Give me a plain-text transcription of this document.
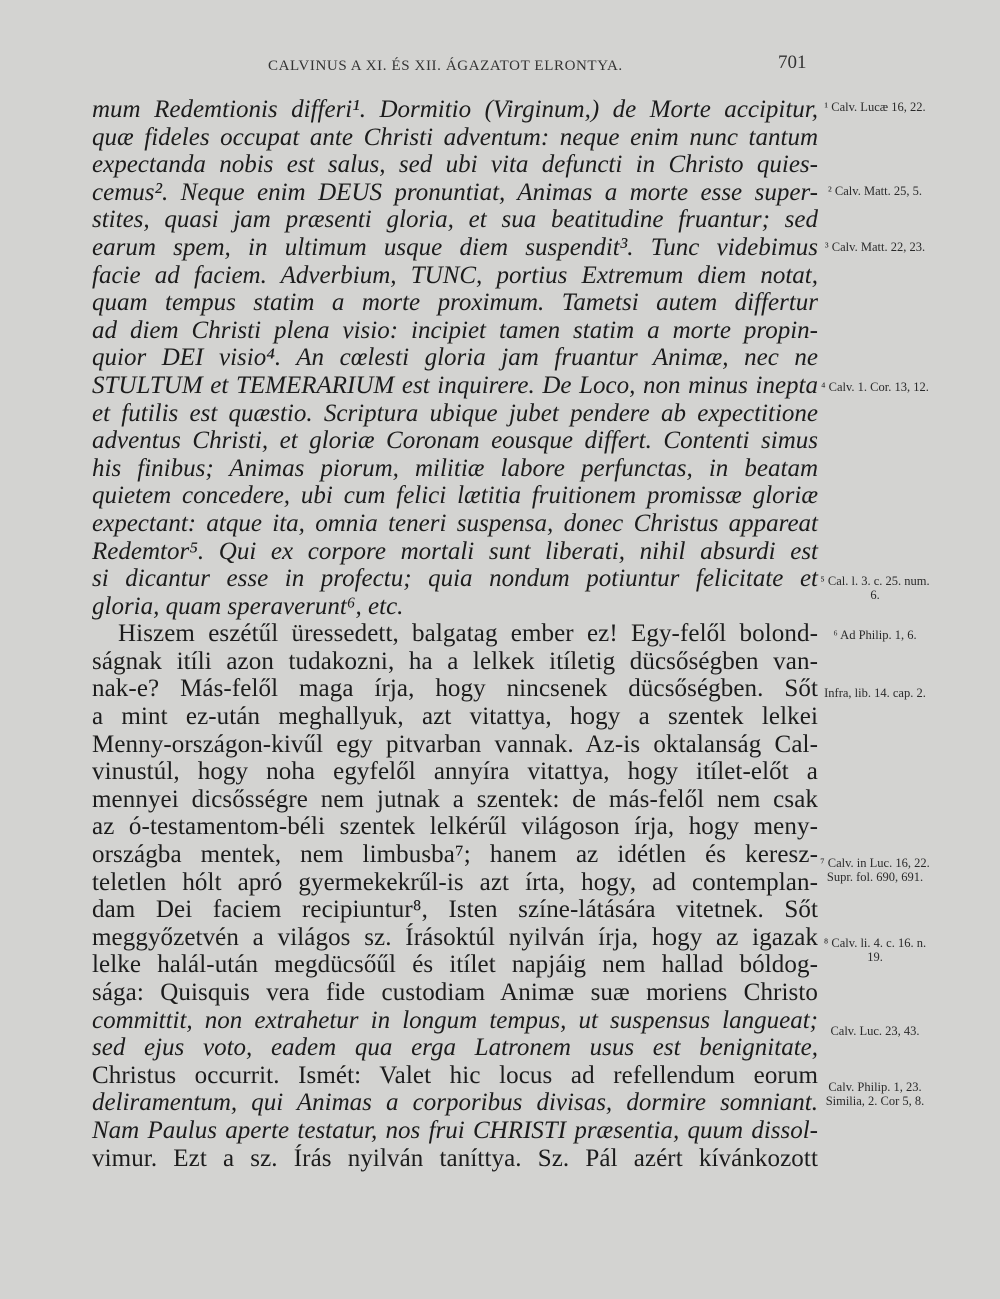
CALVINUS A XI. ÉS XII. ÁGAZATOT ELRONTYA.	701
mum Redemtionis differi¹. Dormitio (Virginum,) de Morte accipitur,
quæ fideles occupat ante Christi adventum: neque enim nunc tantum
expectanda nobis est salus, sed ubi vita defuncti in Christo quies-
cemus². Neque enim DEUS pronuntiat, Animas a morte esse super-
stites, quasi jam præsenti gloria, et sua beatitudine fruantur; sed
earum spem, in ultimum usque diem suspendit³. Tunc videbimus
facie ad faciem. Adverbium, TUNC, portius Extremum diem notat,
quam tempus statim a morte proximum. Tametsi autem differtur
ad diem Christi plena visio: incipiet tamen statim a morte propin-
quior DEI visio⁴. An cœlesti gloria jam fruantur Animæ, nec ne
STULTUM et TEMERARIUM est inquirere. De Loco, non minus inepta
et futilis est quæstio. Scriptura ubique jubet pendere ab expectitione
adventus Christi, et gloriæ Coronam eousque differt. Contenti simus
his finibus; Animas piorum, militiæ labore perfunctas, in beatam
quietem concedere, ubi cum felici lætitia fruitionem promissæ gloriæ
expectant: atque ita, omnia teneri suspensa, donec Christus appareat
Redemtor⁵. Qui ex corpore mortali sunt liberati, nihil absurdi est
si dicantur esse in profectu; quia nondum potiuntur felicitate et
gloria, quam speraverunt⁶, etc.
Hiszem eszétűl üressedett, balgatag ember ez! Egy-felől bolond-
ságnak itíli azon tudakozni, ha a lelkek itíletig dücsőségben van-
nak-e? Más-felől maga írja, hogy nincsenek dücsőségben. Sőt
a mint ez-után meghallyuk, azt vitattya, hogy a szentek lelkei
Menny-országon-kivűl egy pitvarban vannak. Az-is oktalanság Cal-
vinustúl, hogy noha egyfelől annyíra vitattya, hogy itílet-előt a
mennyei dicsősségre nem jutnak a szentek: de más-felől nem csak
az ó-testamentom-béli szentek lelkérűl világoson írja, hogy meny-
országba mentek, nem limbusba⁷; hanem az idétlen és keresz-
teletlen hólt apró gyermekekrűl-is azt írta, hogy, ad contemplan-
dam Dei faciem recipiuntur⁸, Isten színe-látására vitetnek. Sőt
meggyőzetvén a világos sz. Írásoktúl nyilván írja, hogy az igazak
lelke halál-után megdücsőűl és itílet napjáig nem hallad bóldog-
sága: Quisquis vera fide custodiam Animæ suæ moriens Christo
committit, non extrahetur in longum tempus, ut suspensus langueat;
sed ejus voto, eadem qua erga Latronem usus est benignitate,
Christus occurrit. Ismét: Valet hic locus ad refellendum eorum
deliramentum, qui Animas a corporibus divisas, dormire somniant.
Nam Paulus aperte testatur, nos frui CHRISTI præsentia, quum dissol-
vimur. Ezt a sz. Írás nyilván taníttya. Sz. Pál azért kívánkozott
¹ Calv. Lucæ 16, 22.
² Calv. Matt. 25, 5.
³ Calv. Matt. 22, 23.
⁴ Calv. 1. Cor. 13, 12.
⁵ Cal. l. 3. c. 25. num. 6.
⁶ Ad Philip. 1, 6.
Infra, lib. 14. cap. 2.
⁷ Calv. in Luc. 16, 22. Supr. fol. 690, 691.
⁸ Calv. li. 4. c. 16. n. 19.
Calv. Luc. 23, 43.
Calv. Philip. 1, 23. Similia, 2. Cor 5, 8.
